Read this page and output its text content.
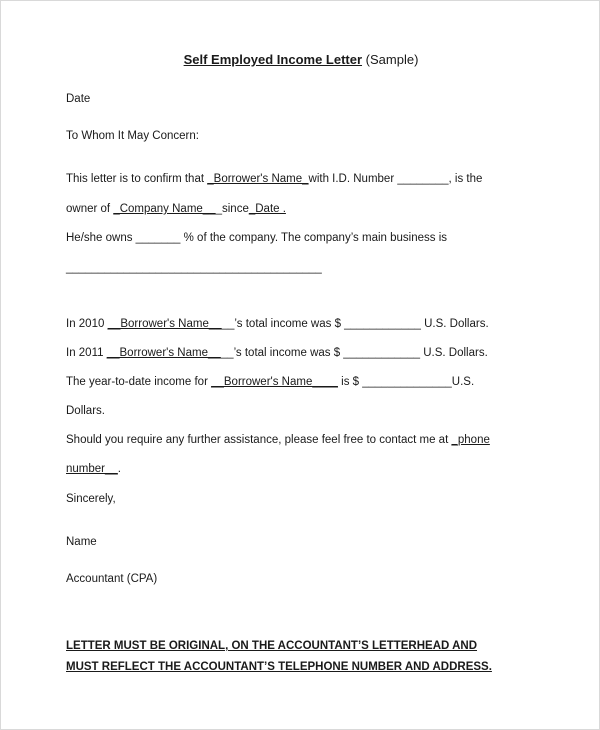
Self Employed Income Letter (Sample)
Date
To Whom It May Concern:
This letter is to confirm that _Borrower's Name_with I.D. Number ________, is the
owner of _Company Name___since_Date .
He/she owns _______ % of the company. The company’s main business is
________________________________________
In 2010 __Borrower's Name____’s total income was $ ____________ U.S. Dollars.
In 2011 __Borrower's Name____’s total income was $ ____________ U.S. Dollars.
The year-to-date income for __Borrower's Name____ is $ ______________U.S.
Dollars.
Should you require any further assistance, please feel free to contact me at _phone
number__.
Sincerely,
Name
Accountant (CPA)
LETTER MUST BE ORIGINAL, ON THE ACCOUNTANT’S LETTERHEAD AND
MUST REFLECT THE ACCOUNTANT’S TELEPHONE NUMBER AND ADDRESS.
